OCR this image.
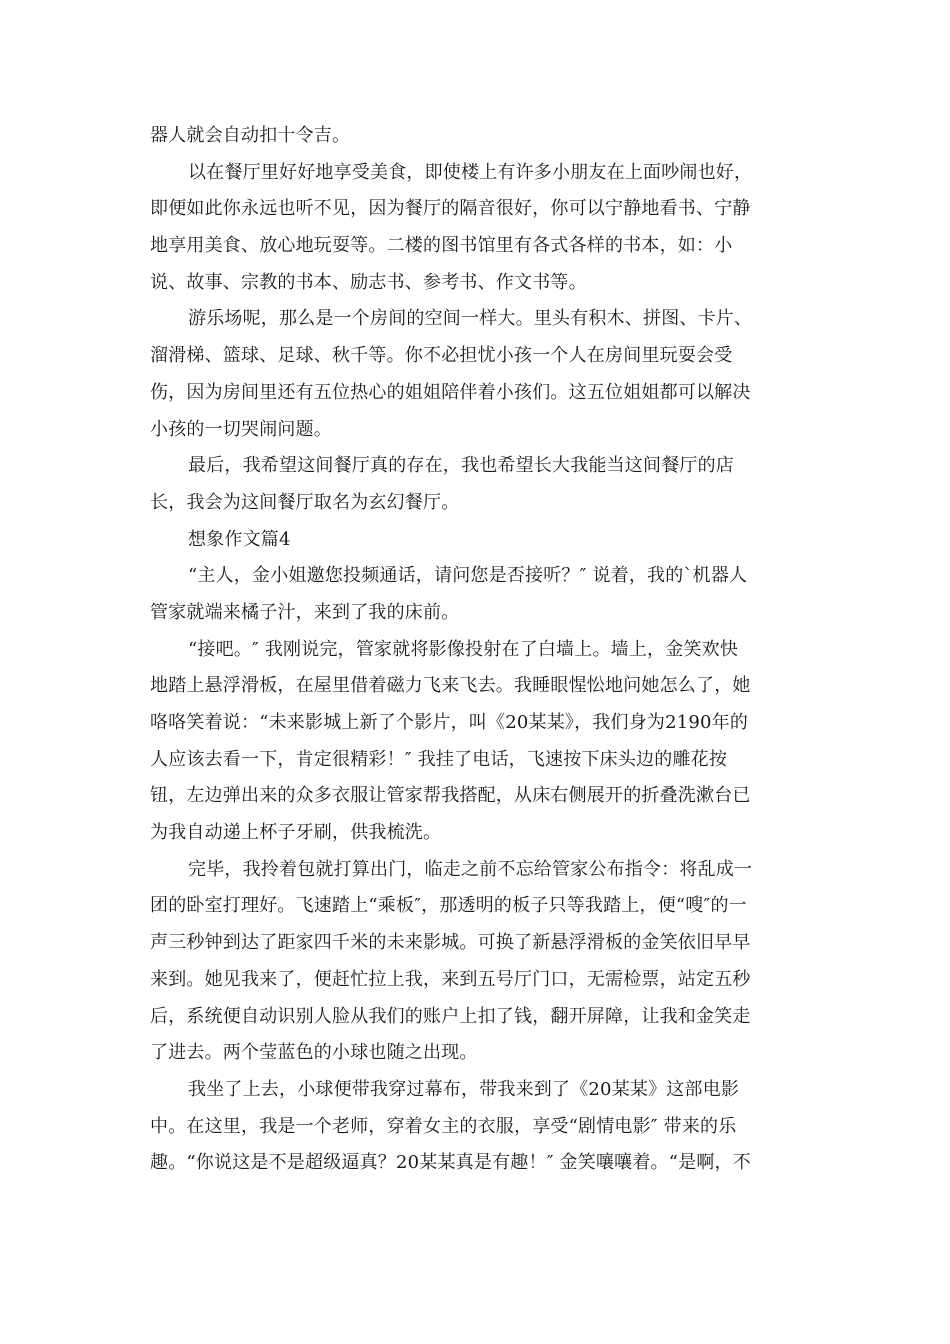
器人就会自动扣十令吉。
以在餐厅里好好地享受美食，即使楼上有许多小朋友在上面吵闹也好，
即便如此你永远也听不见，因为餐厅的隔音很好，你可以宁静地看书、宁静
地享用美食、放心地玩耍等。二楼的图书馆里有各式各样的书本，如：小
说、故事、宗教的书本、励志书、参考书、作文书等。
游乐场呢，那么是一个房间的空间一样大。里头有积木、拼图、卡片、
溜滑梯、篮球、足球、秋千等。你不必担忧小孩一个人在房间里玩耍会受
伤，因为房间里还有五位热心的姐姐陪伴着小孩们。这五位姐姐都可以解决
小孩的一切哭闹问题。
最后，我希望这间餐厅真的存在，我也希望长大我能当这间餐厅的店
长，我会为这间餐厅取名为玄幻餐厅。
想象作文篇4
“主人，金小姐邀您投频通话，请问您是否接听？″ 说着，我的`机器人
管家就端来橘子汁，来到了我的床前。
“接吧。″ 我刚说完，管家就将影像投射在了白墙上。墙上，金笑欢快
地踏上悬浮滑板，在屋里借着磁力飞来飞去。我睡眼惺忪地问她怎么了，她
咯咯笑着说：“未来影城上新了个影片，叫《20某某》，我们身为2190年的
人应该去看一下，肯定很精彩！″ 我挂了电话，飞速按下床头边的雕花按
钮，左边弹出来的众多衣服让管家帮我搭配，从床右侧展开的折叠洗漱台已
为我自动递上杯子牙刷，供我梳洗。
完毕，我拎着包就打算出门，临走之前不忘给管家公布指令：将乱成一
团的卧室打理好。飞速踏上“乘板″，那透明的板子只等我踏上，便“嗖″的一
声三秒钟到达了距家四千米的未来影城。可换了新悬浮滑板的金笑依旧早早
来到。她见我来了，便赶忙拉上我，来到五号厅门口，无需检票，站定五秒
后，系统便自动识别人脸从我们的账户上扣了钱，翻开屏障，让我和金笑走
了进去。两个莹蓝色的小球也随之出现。
我坐了上去，小球便带我穿过幕布，带我来到了《20某某》这部电影
中。在这里，我是一个老师，穿着女主的衣服，享受“剧情电影″ 带来的乐
趣。“你说这是不是超级逼真？20某某真是有趣！″ 金笑嚷嚷着。“是啊，不
